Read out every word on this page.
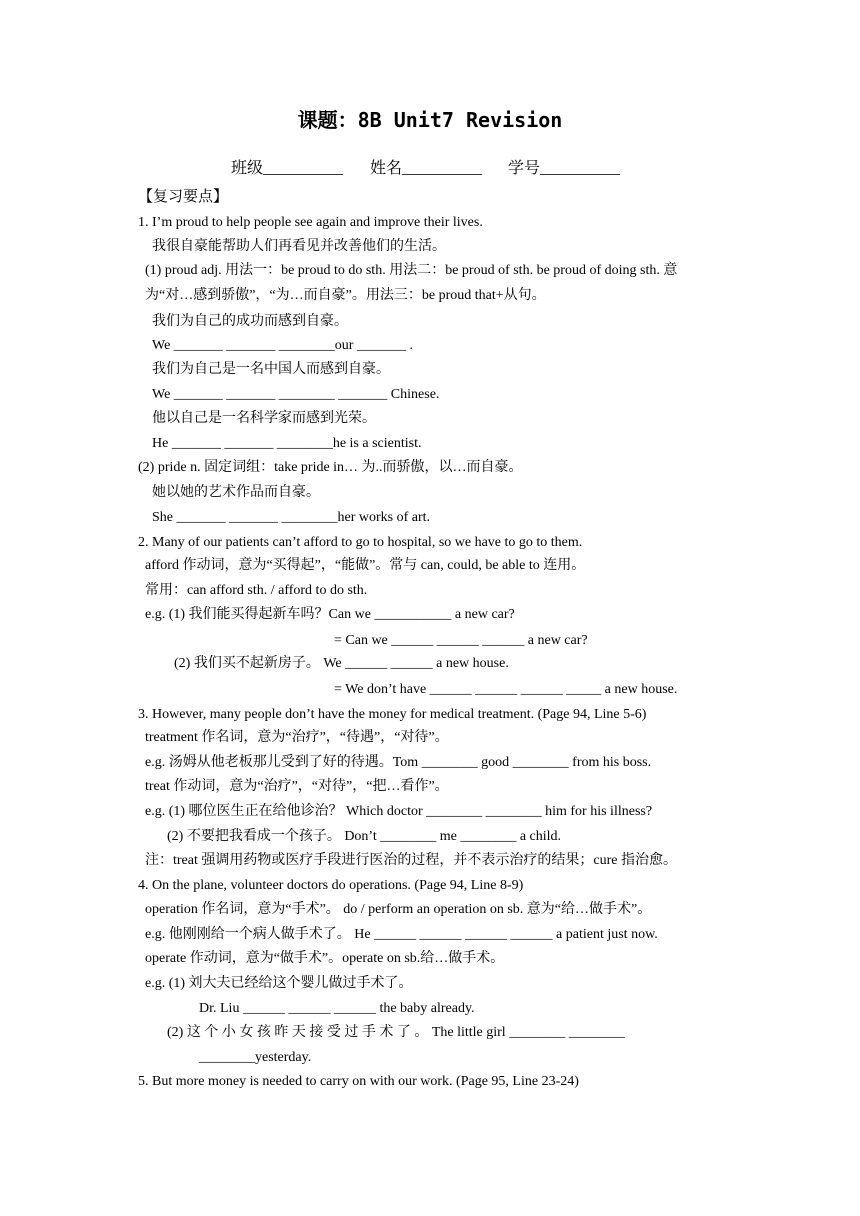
课题：8B Unit7 Revision
班级__________ 姓名__________ 学号__________
【复习要点】
1. I’m proud to help people see again and improve their lives.
我很自豪能帮助人们再看见并改善他们的生活。
(1) proud adj. 用法一：be proud to do sth. 用法二：be proud of sth. be proud of doing sth. 意
为“对…感到骄傲”，“为…而自豪”。用法三：be proud that+从句。
我们为自己的成功而感到自豪。
We _______ _______ ________our _______ .
我们为自己是一名中国人而感到自豪。
We _______ _______ ________ _______ Chinese.
他以自己是一名科学家而感到光荣。
He _______ _______ ________he is a scientist.
(2) pride n. 固定词组：take pride in… 为..而骄傲，以…而自豪。
她以她的艺术作品而自豪。
She _______ _______ ________her works of art.
2. Many of our patients can’t afford to go to hospital, so we have to go to them.
afford 作动词，意为“买得起”，“能做”。常与 can, could, be able to 连用。
常用：can afford sth. / afford to do sth.
e.g. (1) 我们能买得起新车吗？Can we ___________ a new car?
= Can we ______ ______ ______ a new car?
(2) 我们买不起新房子。 We ______ ______ a new house.
= We don’t have ______ ______ ______ _____ a new house.
3. However, many people don’t have the money for medical treatment. (Page 94, Line 5-6)
treatment 作名词，意为“治疗”，“待遇”，“对待”。
e.g. 汤姆从他老板那儿受到了好的待遇。Tom ________ good ________ from his boss.
treat 作动词，意为“治疗”，“对待”，“把…看作”。
e.g. (1) 哪位医生正在给他诊治？ Which doctor ________ ________ him for his illness?
(2) 不要把我看成一个孩子。 Don’t ________ me ________ a child.
注：treat 强调用药物或医疗手段进行医治的过程，并不表示治疗的结果；cure 指治愈。
4. On the plane, volunteer doctors do operations. (Page 94, Line 8-9)
operation 作名词，意为“手术”。 do / perform an operation on sb. 意为“给…做手术”。
e.g. 他刚刚给一个病人做手术了。 He ______ ______ ______ ______ a patient just now.
operate 作动词，意为“做手术”。operate on sb.给…做手术。
e.g. (1) 刘大夫已经给这个婴儿做过手术了。
Dr. Liu ______ ______ ______ the baby already.
(2) 这 个 小 女 孩 昨 天 接 受 过 手 术 了 。 The little girl ________ ________
________yesterday.
5. But more money is needed to carry on with our work. (Page 95, Line 23-24)
